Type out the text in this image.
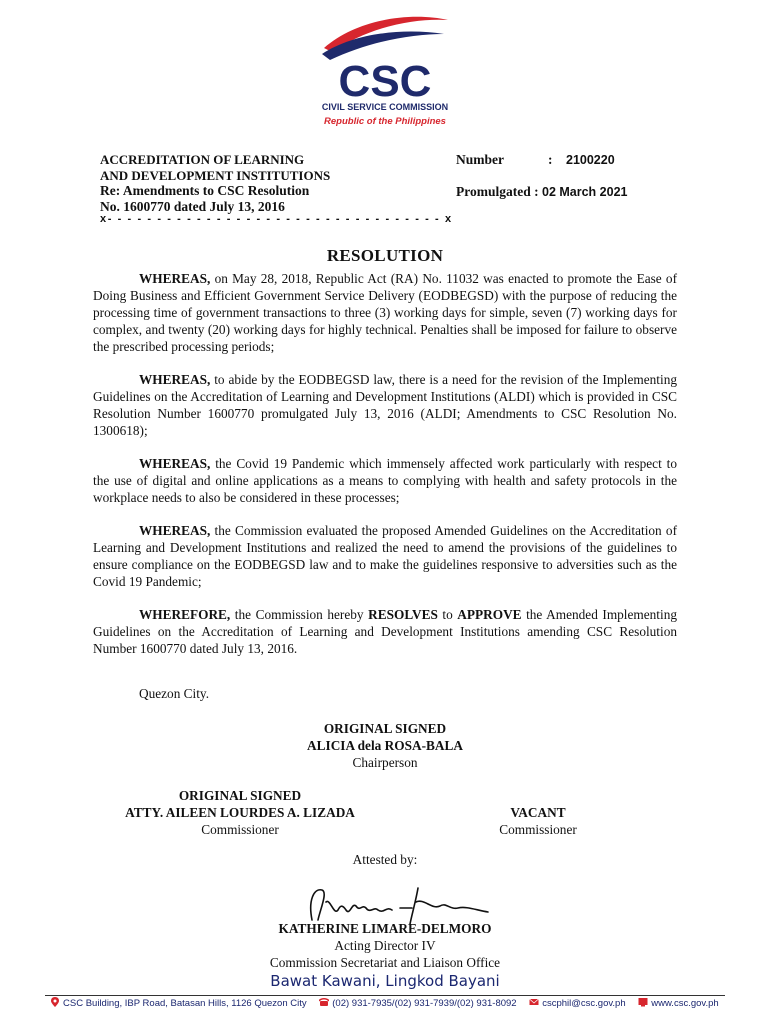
CSC
CIVIL SERVICE COMMISSION
Republic of the Philippines
ACCREDITATION OF LEARNING
AND DEVELOPMENT INSTITUTIONS
Re: Amendments to CSC Resolution
No. 1600770 dated July 13, 2016
x- - - - - - - - - - - - - - - - - - - - - - - - - - - - - - - - - - x
Number	: 2100220
Promulgated : 02 March 2021
RESOLUTION

WHEREAS, on May 28, 2018, Republic Act (RA) No. 11032 was enacted to promote the Ease of Doing Business and Efficient Government Service Delivery (EODBEGSD) with the purpose of reducing the processing time of government transactions to three (3) working days for simple, seven (7) working days for complex, and twenty (20) working days for highly technical. Penalties shall be imposed for failure to observe the prescribed processing periods;

WHEREAS, to abide by the EODBEGSD law, there is a need for the revision of the Implementing Guidelines on the Accreditation of Learning and Development Institutions (ALDI) which is provided in CSC Resolution Number 1600770 promulgated July 13, 2016 (ALDI; Amendments to CSC Resolution No. 1300618);

WHEREAS, the Covid 19 Pandemic which immensely affected work particularly with respect to the use of digital and online applications as a means to complying with health and safety protocols in the workplace needs to also be considered in these processes;

WHEREAS, the Commission evaluated the proposed Amended Guidelines on the Accreditation of Learning and Development Institutions and realized the need to amend the provisions of the guidelines to ensure compliance on the EODBEGSD law and to make the guidelines responsive to adversities such as the Covid 19 Pandemic;

WHEREFORE, the Commission hereby RESOLVES to APPROVE the Amended Implementing Guidelines on the Accreditation of Learning and Development Institutions amending CSC Resolution Number 1600770 dated July 13, 2016.

Quezon City.
ORIGINAL SIGNED
ALICIA dela ROSA-BALA
Chairperson
ORIGINAL SIGNED
ATTY. AILEEN LOURDES A. LIZADA
Commissioner
VACANT
Commissioner
Attested by:
KATHERINE LIMARE-DELMORO
Acting Director IV
Commission Secretariat and Liaison Office
Bawat Kawani, Lingkod Bayani
CSC Building, IBP Road, Batasan Hills, 1126 Quezon City	(02) 931-7935/(02) 931-7939/(02) 931-8092	cscphil@csc.gov.ph	www.csc.gov.ph
